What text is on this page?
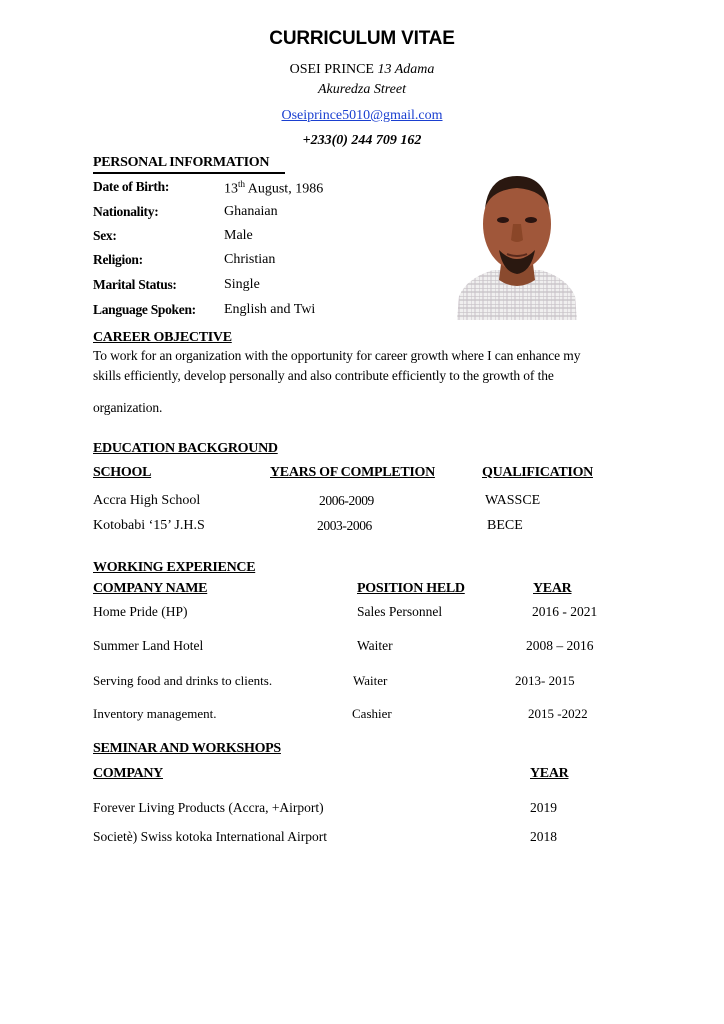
CURRICULUM VITAE
OSEI PRINCE 13 Adama
Akuredza Street
Oseiprince5010@gmail.com
+233(0) 244 709 162
PERSONAL INFORMATION
Date of Birth:	13th August, 1986
Nationality:	Ghanaian
Sex:	Male
Religion:	Christian
Marital Status:	Single
Language Spoken: English and Twi
CAREER OBJECTIVE
To work for an organization with the opportunity for career growth where I can enhance my
skills efficiently, develop personally and also contribute efficiently to the growth of the
organization.
EDUCATION BACKGROUND
SCHOOL	YEARS OF COMPLETION	QUALIFICATION
Accra High School	2006-2009	WASSCE
Kotobabi ‘15’ J.H.S	2003-2006	BECE
WORKING EXPERIENCE
COMPANY NAME	POSITION HELD	YEAR
Home Pride (HP)	Sales Personnel	2016 - 2021
Summer Land Hotel	Waiter	2008 – 2016
Serving food and drinks to clients.	Waiter	2013- 2015
Inventory management.	Cashier	2015 -2022
SEMINAR AND WORKSHOPS
COMPANY	YEAR
Forever Living Products (Accra, +Airport)	2019
Societè) Swiss kotoka International Airport	2018
